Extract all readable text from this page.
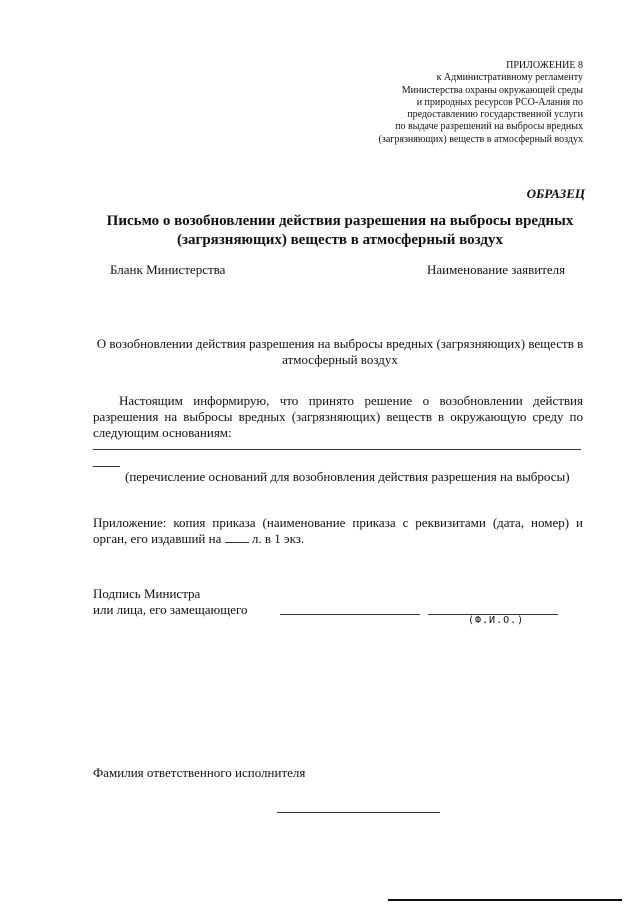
ПРИЛОЖЕНИЕ 8
к Административному регламенту
Министерства охраны окружающей среды
и природных ресурсов РСО-Алания по
предоставлению государственной услуги
по выдаче разрешений на выбросы вредных
(загрязняющих) веществ в атмосферный воздух
ОБРАЗЕЦ
Письмо о возобновлении действия разрешения на выбросы вредных
(загрязняющих) веществ в атмосферный воздух
Бланк Министерства	Наименование заявителя
О возобновлении действия разрешения на выбросы вредных (загрязняющих) веществ в
атмосферный воздух
Настоящим информирую, что принято решение о возобновлении действия разрешения на выбросы вредных (загрязняющих) веществ в окружающую среду по следующим основаниям:
(перечисление оснований для возобновления действия разрешения на выбросы)
Приложение: копия приказа (наименование приказа с реквизитами (дата, номер) и орган, его издавший на  л. в 1 экз.
Подпись Министра
или лица, его замещающего
(Ф.И.О.)
Фамилия ответственного исполнителя
